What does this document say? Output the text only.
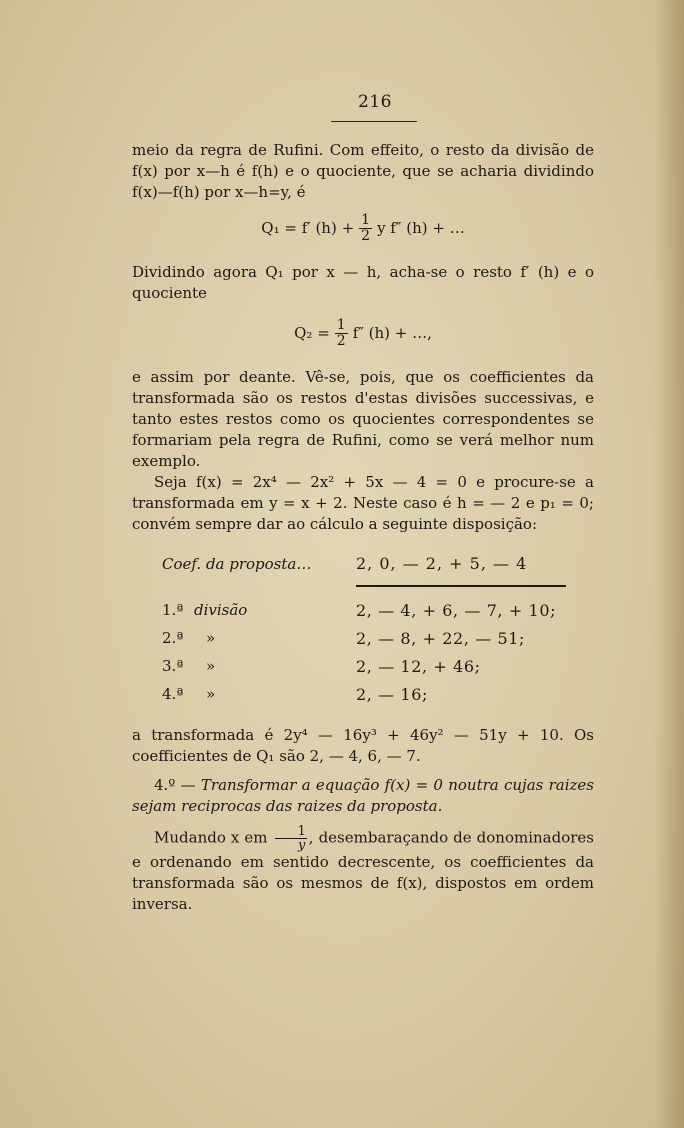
216

meio da regra de Rufini. Com effeito, o resto da divisão de f(x) por x—h é f(h) e o quociente, que se acharia dividindo f(x)—f(h) por x—h=y, é

Q₁ = f′ $(h) + \frac{1}{2}$ y f″ (h) + …

Dividindo agora Q₁ por x — h, acha-se o resto f′ (h) e o quociente

$Q_2 = \frac{1}{2} f''$ (h) + …,

e assim por deante. Vê-se, pois, que os coefficientes da transformada são os restos d'estas divisões successivas, e tanto estes restos como os quocientes correspondentes se formariam pela regra de Rufini, como se verá melhor num exemplo.

Seja f(x) = 2x⁴ — 2x² + 5x — 4 = 0 e procure-se a transformada em y = x + 2. Neste caso é h = — 2 e p₁ = 0; convém sempre dar ao cálculo a seguinte disposição:

Coef. da proposta…	2, 0, — 2, + 5, — 4
1.ª divisão	2, — 4, + 6, — 7, + 10;
2.ª	»	2, — 8, + 22, — 51;
3.ª	»	2, — 12, + 46;
4.ª	»	2, — 16;

a transformada é 2y⁴ — 16y³ + 46y² — 51y + 10. Os coefficientes de Q₁ são 2, — 4, 6, — 7.

4.º — Transformar a equação f(x) = 0 noutra cujas raizes sejam reciprocas das raizes da proposta.

Mudando x em $\frac{1}{y}$ , desembaraçando de donominadores e ordenando em sentido decrescente, os coefficientes da transformada são os mesmos de f(x), dispostos em ordem inversa.
